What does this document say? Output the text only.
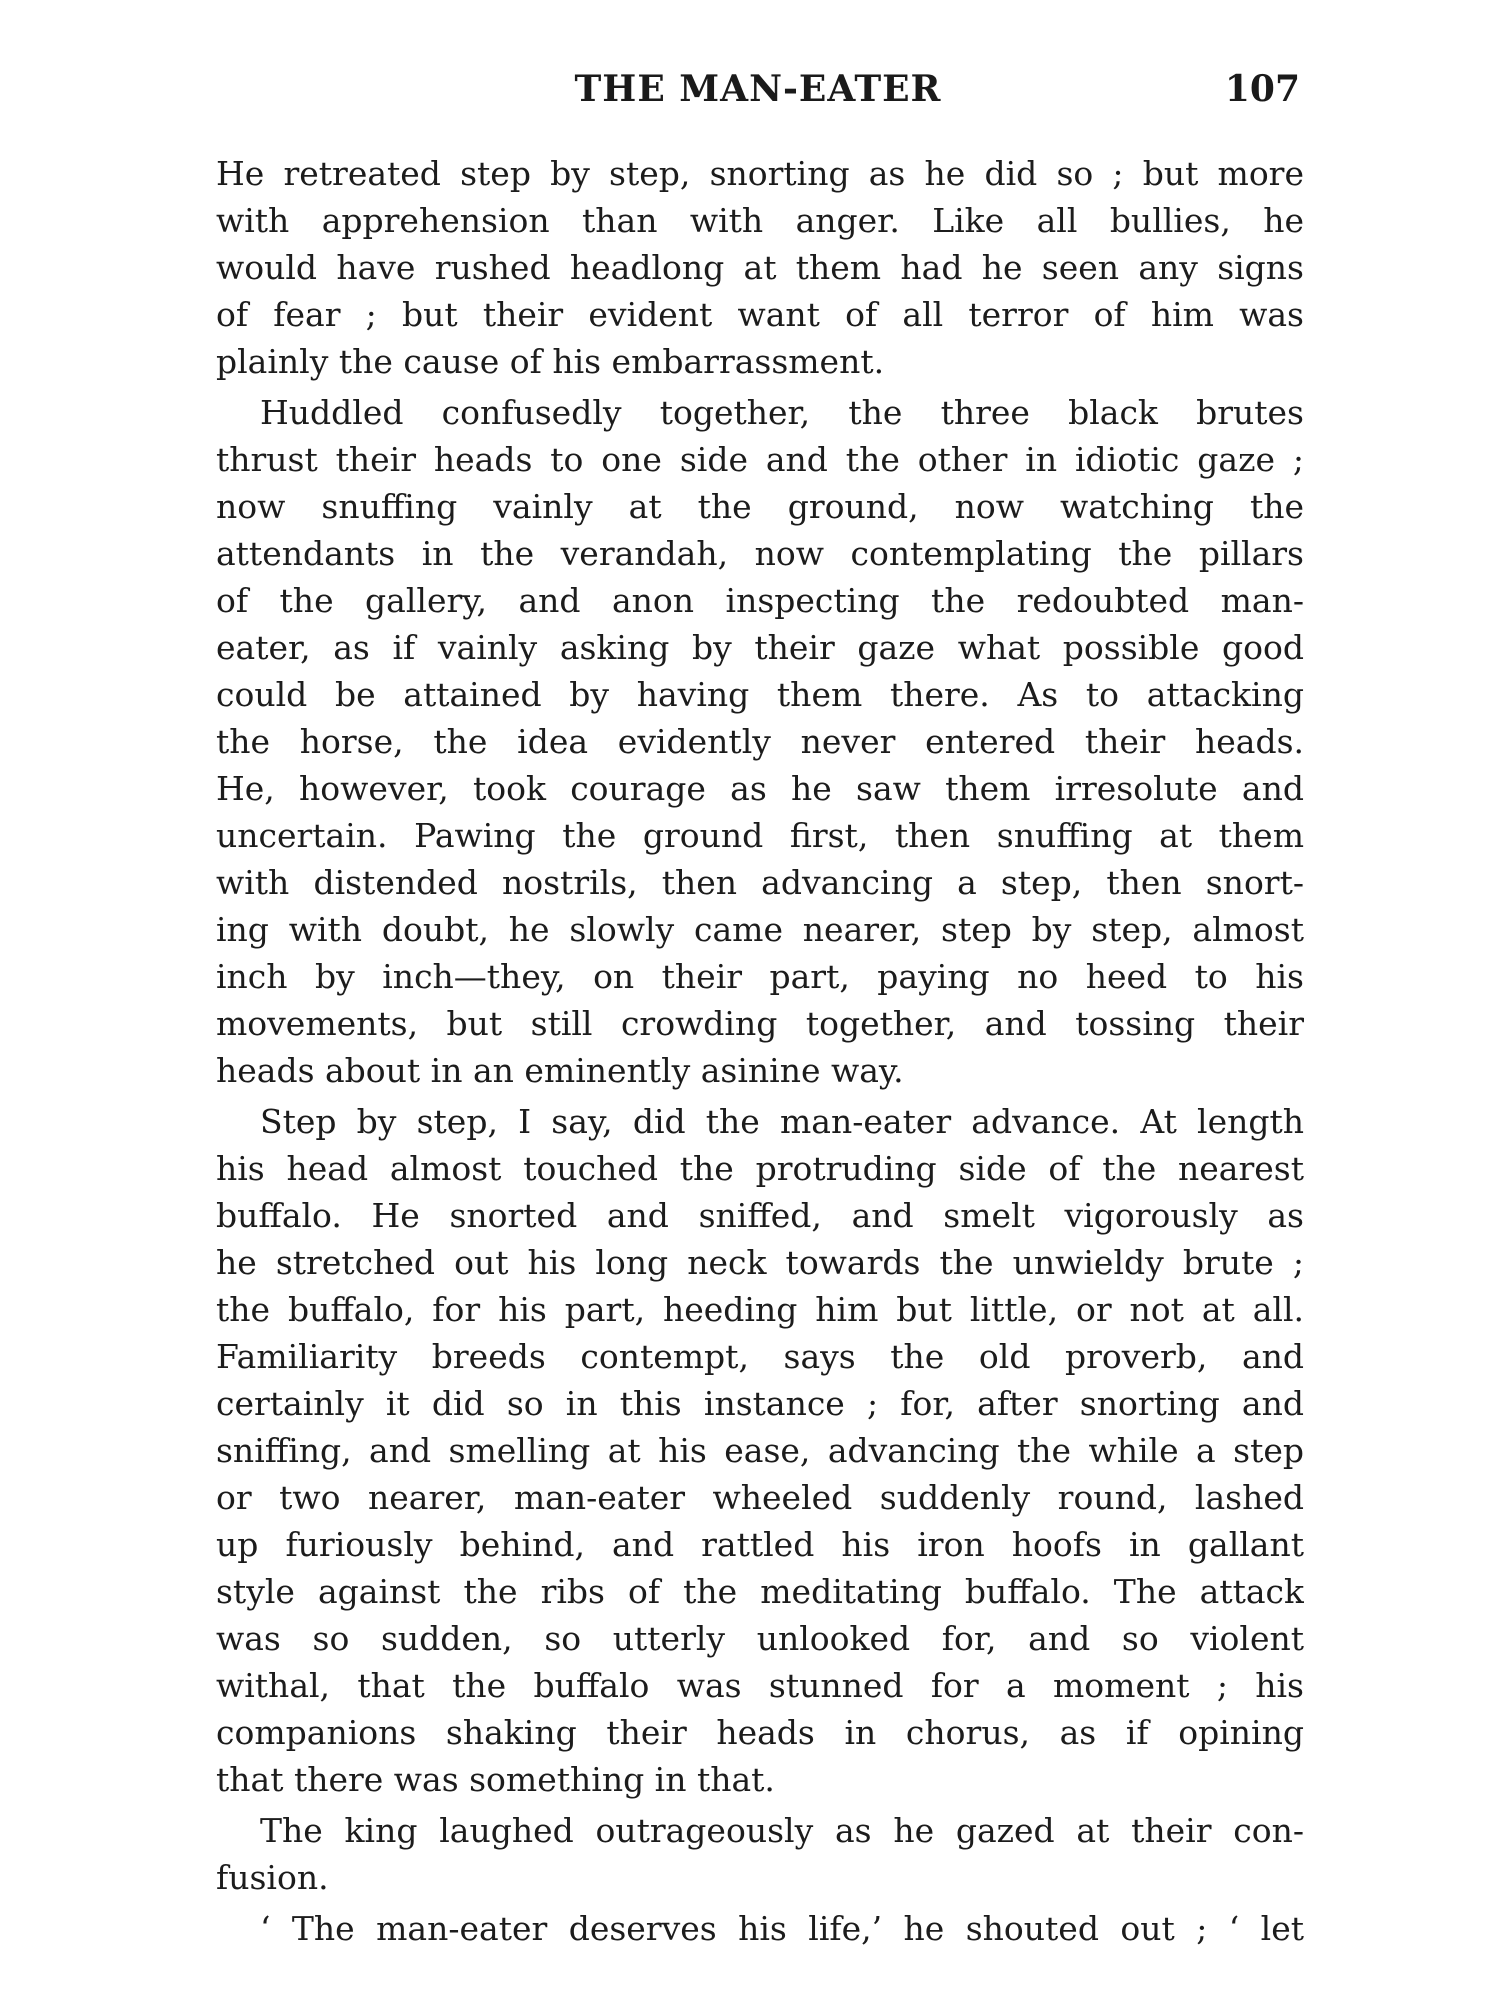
THE MAN-EATER	107
He retreated step by step, snorting as he did so ; but more
with apprehension than with anger. Like all bullies, he
would have rushed headlong at them had he seen any signs
of fear ; but their evident want of all terror of him was
plainly the cause of his embarrassment.
Huddled confusedly together, the three black brutes
thrust their heads to one side and the other in idiotic gaze ;
now snuffing vainly at the ground, now watching the
attendants in the verandah, now contemplating the pillars
of the gallery, and anon inspecting the redoubted man-
eater, as if vainly asking by their gaze what possible good
could be attained by having them there. As to attacking
the horse, the idea evidently never entered their heads.
He, however, took courage as he saw them irresolute and
uncertain. Pawing the ground first, then snuffing at them
with distended nostrils, then advancing a step, then snort-
ing with doubt, he slowly came nearer, step by step, almost
inch by inch—they, on their part, paying no heed to his
movements, but still crowding together, and tossing their
heads about in an eminently asinine way.
Step by step, I say, did the man-eater advance. At length
his head almost touched the protruding side of the nearest
buffalo. He snorted and sniffed, and smelt vigorously as
he stretched out his long neck towards the unwieldy brute ;
the buffalo, for his part, heeding him but little, or not at all.
Familiarity breeds contempt, says the old proverb, and
certainly it did so in this instance ; for, after snorting and
sniffing, and smelling at his ease, advancing the while a step
or two nearer, man-eater wheeled suddenly round, lashed
up furiously behind, and rattled his iron hoofs in gallant
style against the ribs of the meditating buffalo. The attack
was so sudden, so utterly unlooked for, and so violent
withal, that the buffalo was stunned for a moment ; his
companions shaking their heads in chorus, as if opining
that there was something in that.
The king laughed outrageously as he gazed at their con-
fusion.
‘ The man-eater deserves his life,’ he shouted out ; ‘ let
